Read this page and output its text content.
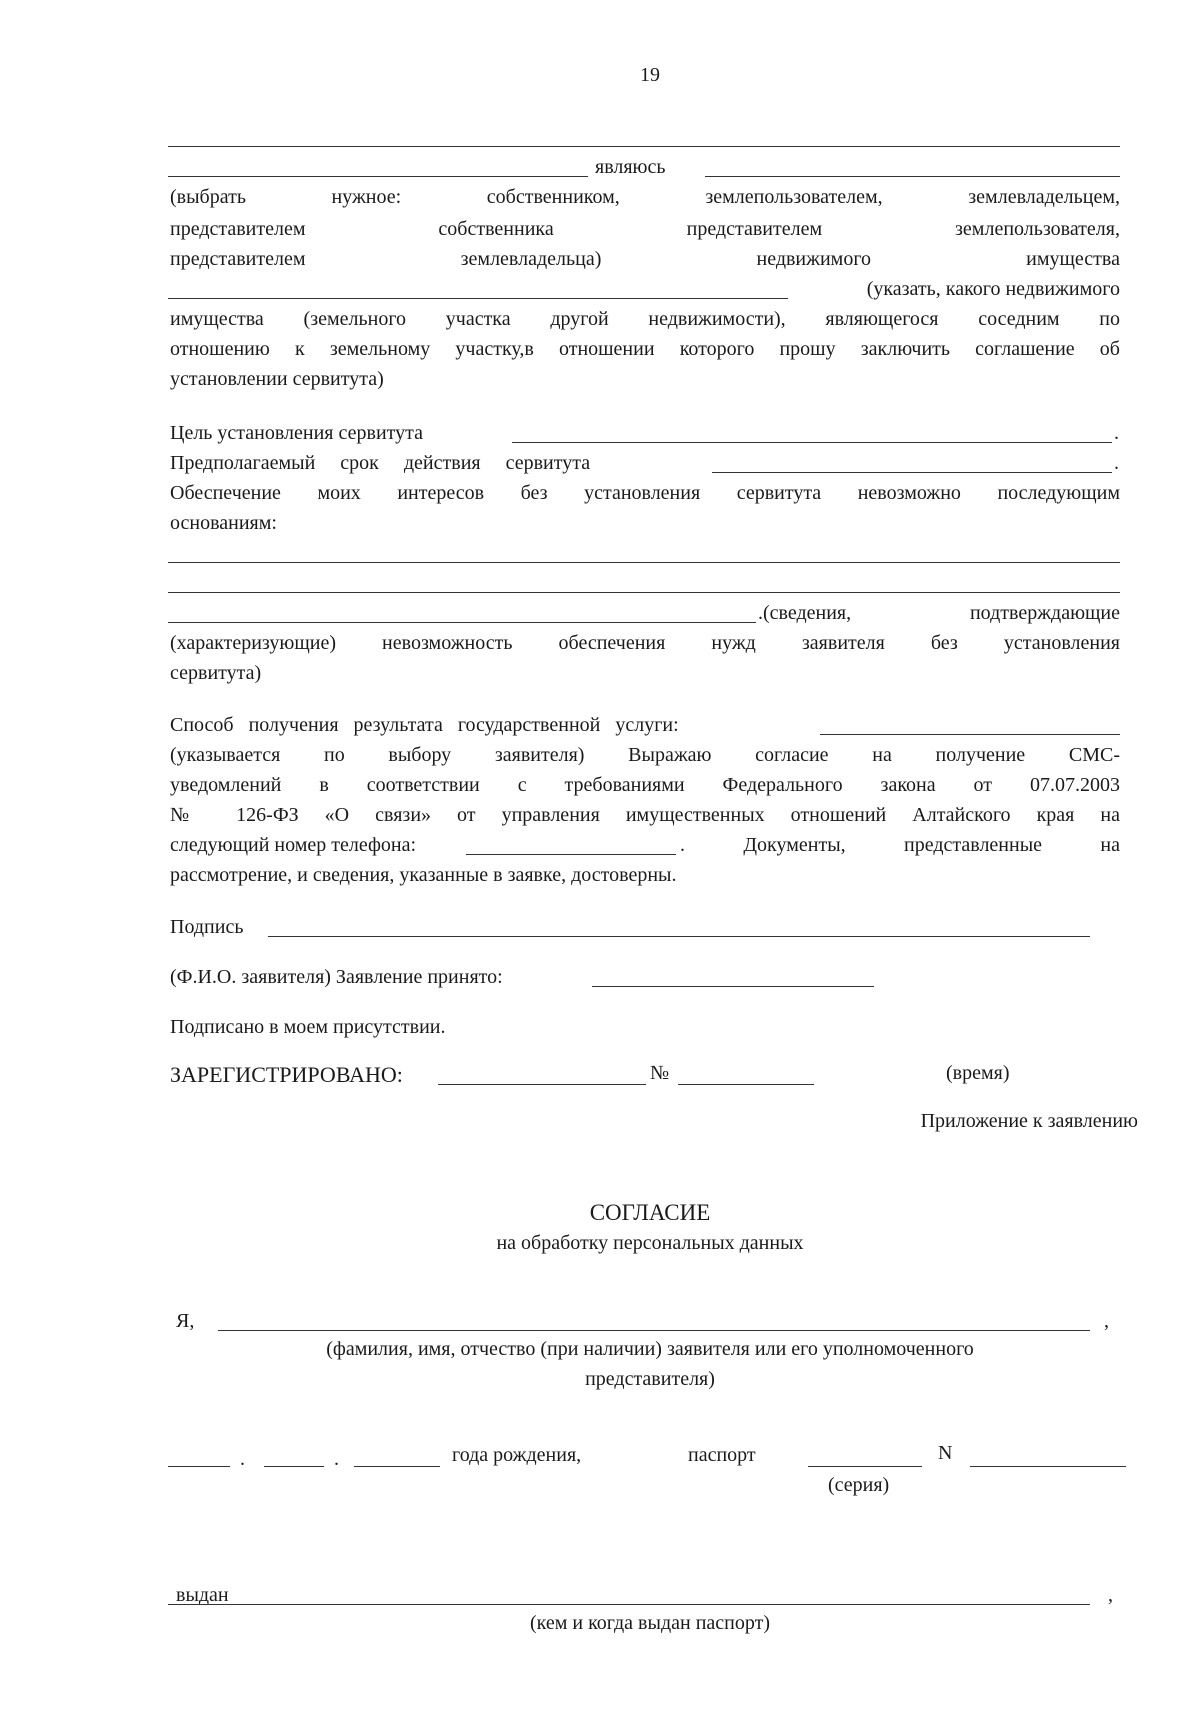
19
являюсь
(выбрать	нужное:	собственником,	землепользователем,	землевладельцем,
представителем	собственника	представителем	землепользователя,
представителем	землевладельца)	недвижимого	имущества
(указать, какого недвижимого
имущества (земельного участка другой недвижимости), являющегося соседним по
отношению к земельному участку,в отношении которого прошу заключить соглашение об
установлении сервитута)
Цель установления сервитута	.
Предполагаемый срок действия сервитута	.
Обеспечение моих интересов без установления сервитута невозможно последующим
основаниям:
.(сведения,	подтверждающие
(характеризующие) невозможность обеспечения нужд заявителя без установления
сервитута)
Способ получения результата государственной услуги:
(указывается по выбору заявителя) Выражаю согласие на получение СМС-
уведомлений в соответствии с требованиями Федерального закона от 07.07.2003
№ 126-ФЗ «О связи» от управления имущественных отношений Алтайского края на
следующий номер телефона:	. Документы, представленные на
рассмотрение, и сведения, указанные в заявке, достоверны.
Подпись
(Ф.И.О. заявителя) Заявление принято:
Подписано в моем присутствии.
ЗАРЕГИСТРИРОВАНО:	№	(время)
Приложение к заявлению
СОГЛАСИЕ
на обработку персональных данных
Я,	,
(фамилия, имя, отчество (при наличии) заявителя или его уполномоченного
представителя)
.	.	года рождения,	паспорт	N
(серия)
выдан	,
(кем и когда выдан паспорт)
